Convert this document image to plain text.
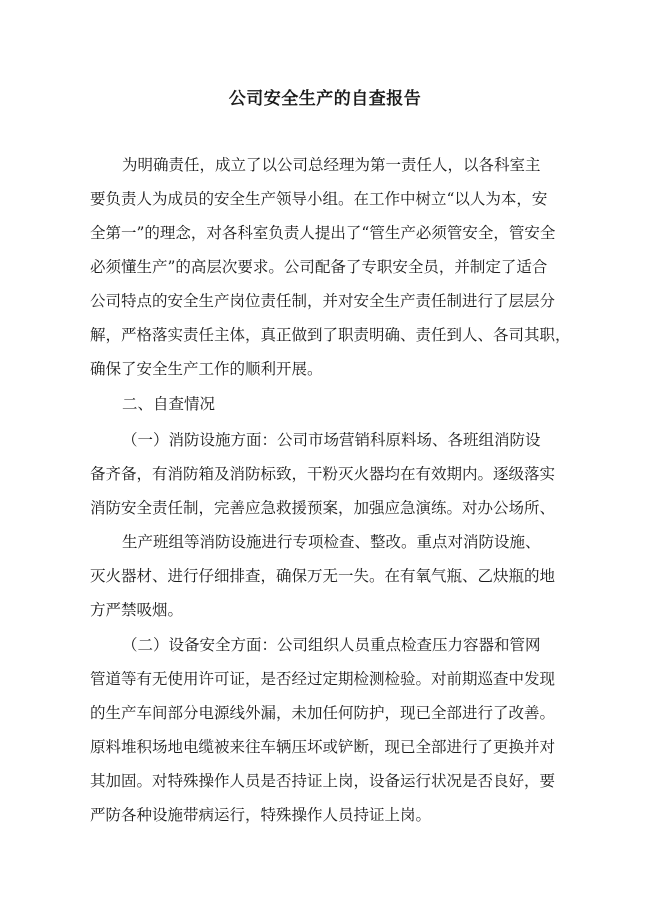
公司安全生产的自查报告
为明确责任，成立了以公司总经理为第一责任人，以各科室主
要负责人为成员的安全生产领导小组。在工作中树立“以人为本，安
全第一”的理念，对各科室负责人提出了“管生产必须管安全，管安全
必须懂生产”的高层次要求。公司配备了专职安全员，并制定了适合
公司特点的安全生产岗位责任制，并对安全生产责任制进行了层层分
解，严格落实责任主体，真正做到了职责明确、责任到人、各司其职，
确保了安全生产工作的顺利开展。
二、自查情况
（一）消防设施方面：公司市场营销科原料场、各班组消防设
备齐备，有消防箱及消防标致，干粉灭火器均在有效期内。逐级落实
消防安全责任制，完善应急救援预案，加强应急演练。对办公场所、
生产班组等消防设施进行专项检查、整改。重点对消防设施、
灭火器材、进行仔细排查，确保万无一失。在有氧气瓶、乙炔瓶的地
方严禁吸烟。
（二）设备安全方面：公司组织人员重点检查压力容器和管网
管道等有无使用许可证，是否经过定期检测检验。对前期巡查中发现
的生产车间部分电源线外漏，未加任何防护，现已全部进行了改善。
原料堆积场地电缆被来往车辆压坏或铲断，现已全部进行了更换并对
其加固。对特殊操作人员是否持证上岗，设备运行状况是否良好，要
严防各种设施带病运行，特殊操作人员持证上岗。
